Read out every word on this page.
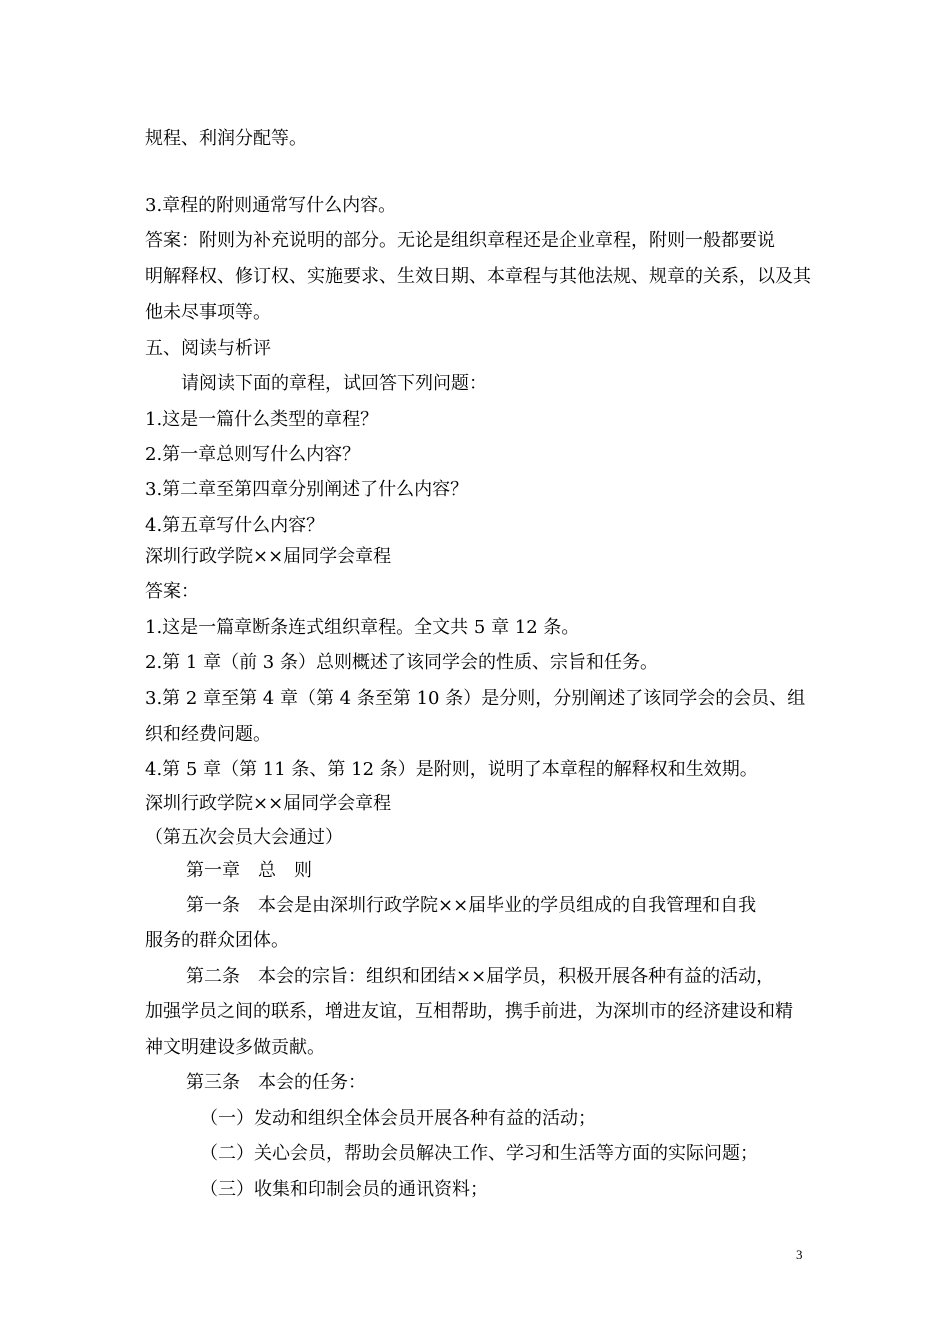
规程、利润分配等。
3.章程的附则通常写什么内容。
答案：附则为补充说明的部分。无论是组织章程还是企业章程，附则一般都要说
明解释权、修订权、实施要求、生效日期、本章程与其他法规、规章的关系，以及其
他未尽事项等。
五、阅读与析评
请阅读下面的章程，试回答下列问题：
1.这是一篇什么类型的章程？
2.第一章总则写什么内容？
3.第二章至第四章分别阐述了什么内容？
4.第五章写什么内容？
深圳行政学院××届同学会章程
答案：
1.这是一篇章断条连式组织章程。全文共 5 章 12 条。
2.第 1 章（前 3 条）总则概述了该同学会的性质、宗旨和任务。
3.第 2 章至第 4 章（第 4 条至第 10 条）是分则，分别阐述了该同学会的会员、组
织和经费问题。
4.第 5 章（第 11 条、第 12 条）是附则，说明了本章程的解释权和生效期。
深圳行政学院××届同学会章程
（第五次会员大会通过）
第一章　总　则
第一条　本会是由深圳行政学院××届毕业的学员组成的自我管理和自我
服务的群众团体。
第二条　本会的宗旨：组织和团结××届学员，积极开展各种有益的活动，
加强学员之间的联系，增进友谊，互相帮助，携手前进，为深圳市的经济建设和精
神文明建设多做贡献。
第三条　本会的任务：
（一）发动和组织全体会员开展各种有益的活动；
（二）关心会员，帮助会员解决工作、学习和生活等方面的实际问题；
（三）收集和印制会员的通讯资料；
3
